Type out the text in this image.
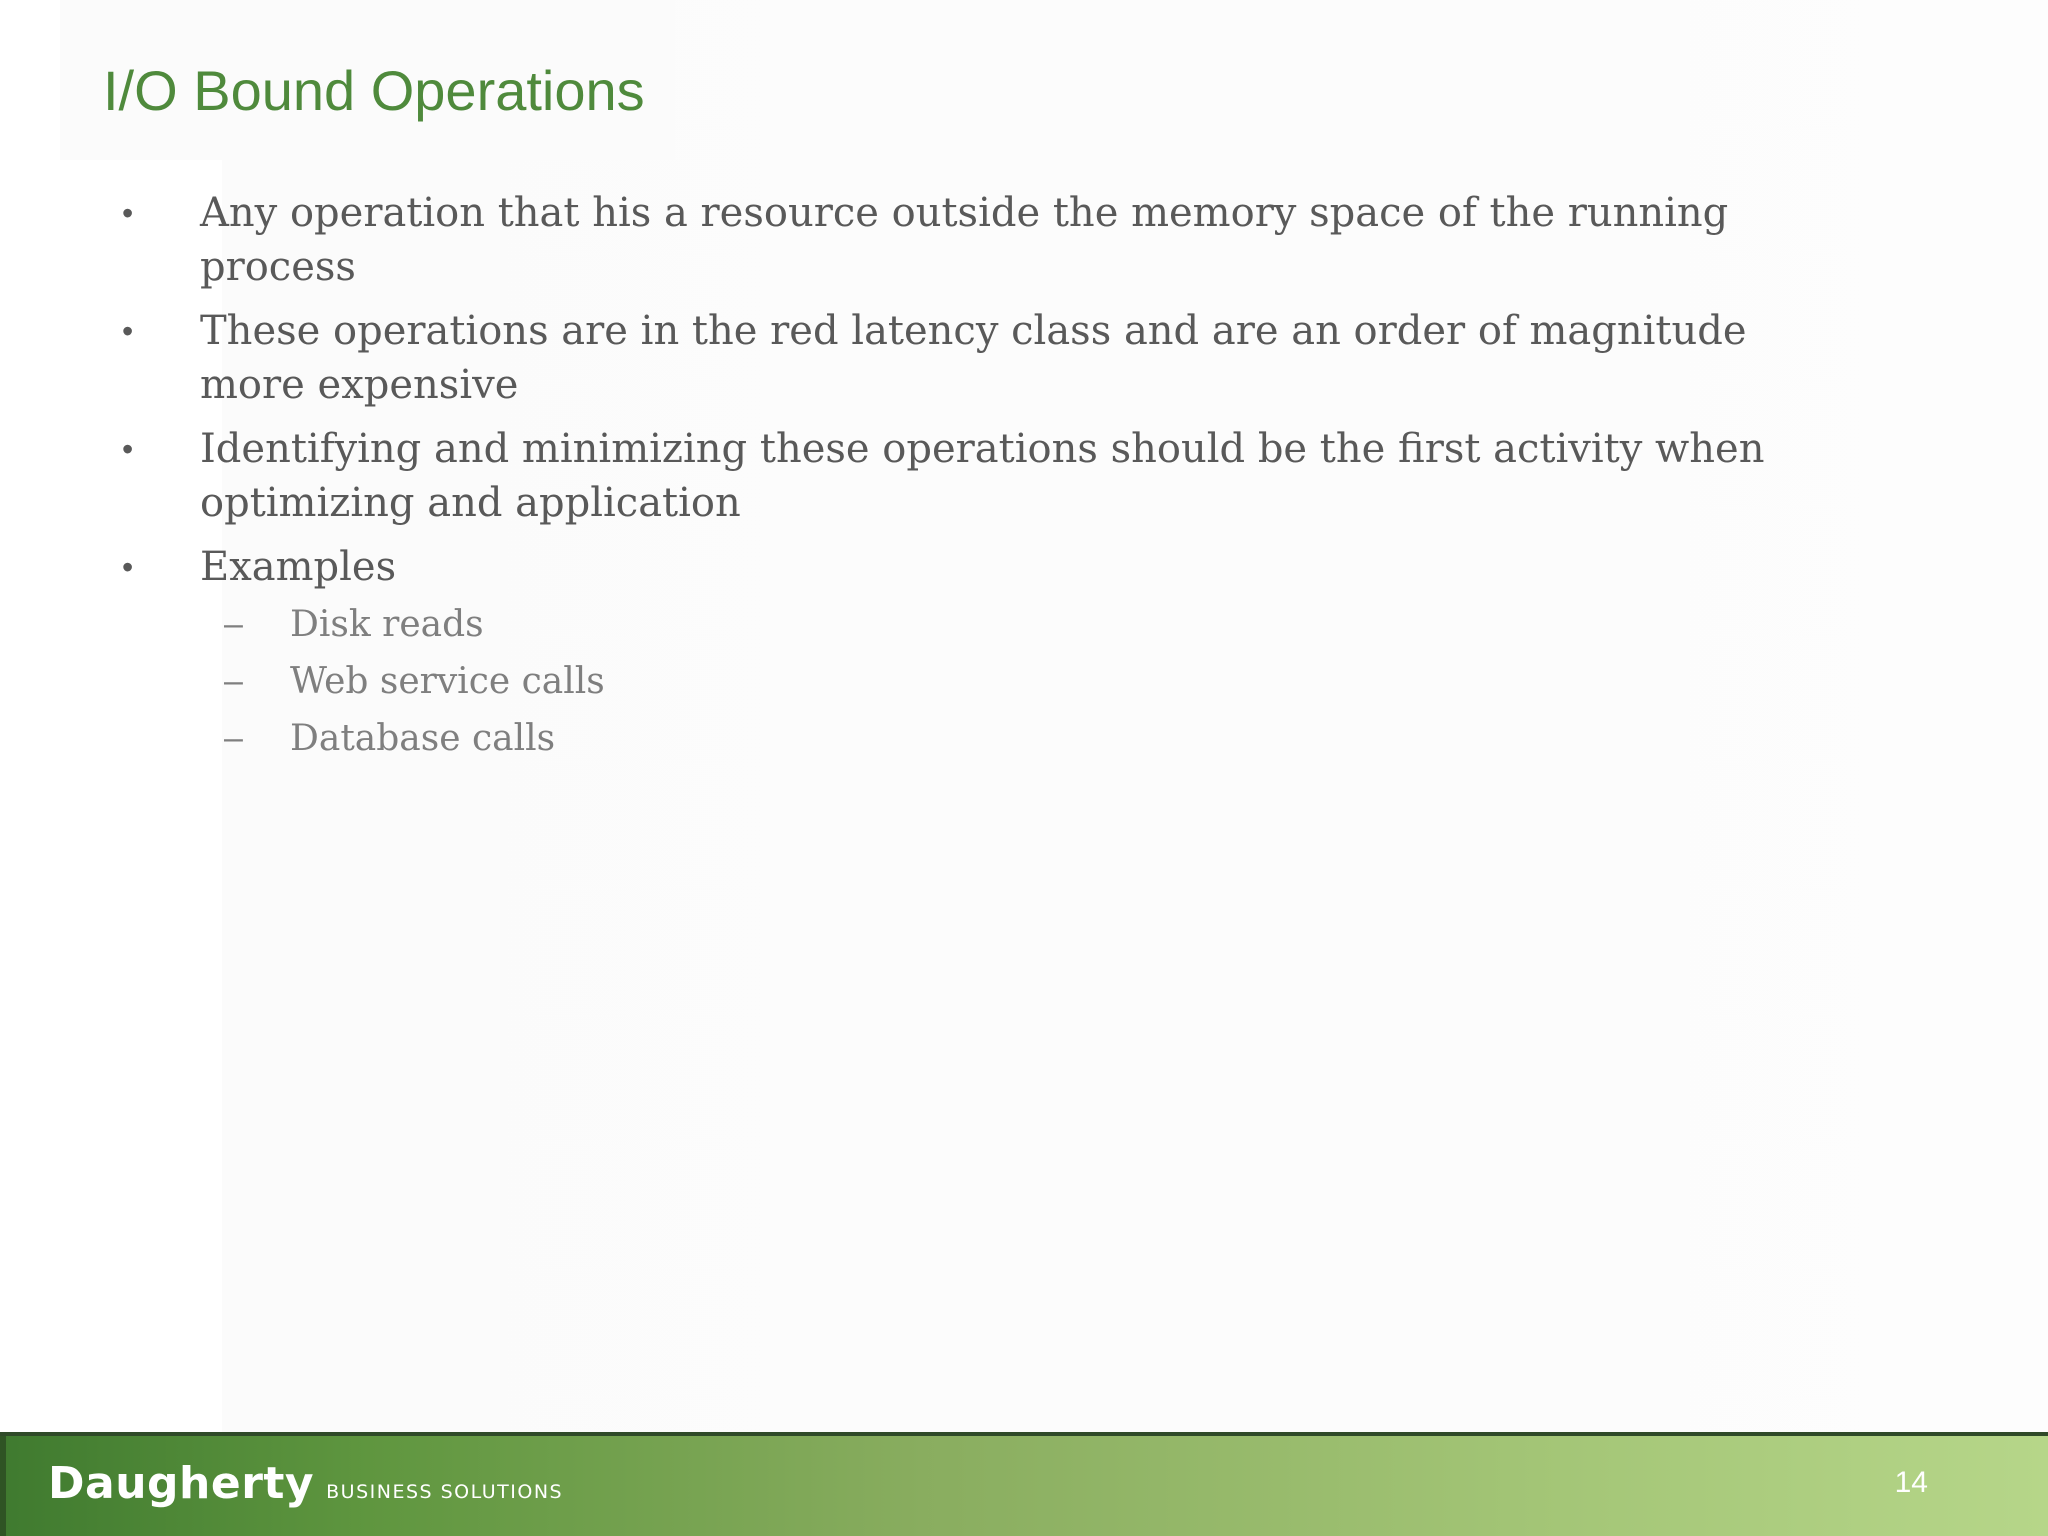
I/O Bound Operations
• Any operation that his a resource outside the memory space of the running process
• These operations are in the red latency class and are an order of magnitude more expensive
• Identifying and minimizing these operations should be the first activity when optimizing and application
• Examples
– Disk reads
– Web service calls
– Database calls
Daugherty BUSINESS SOLUTIONS	14
